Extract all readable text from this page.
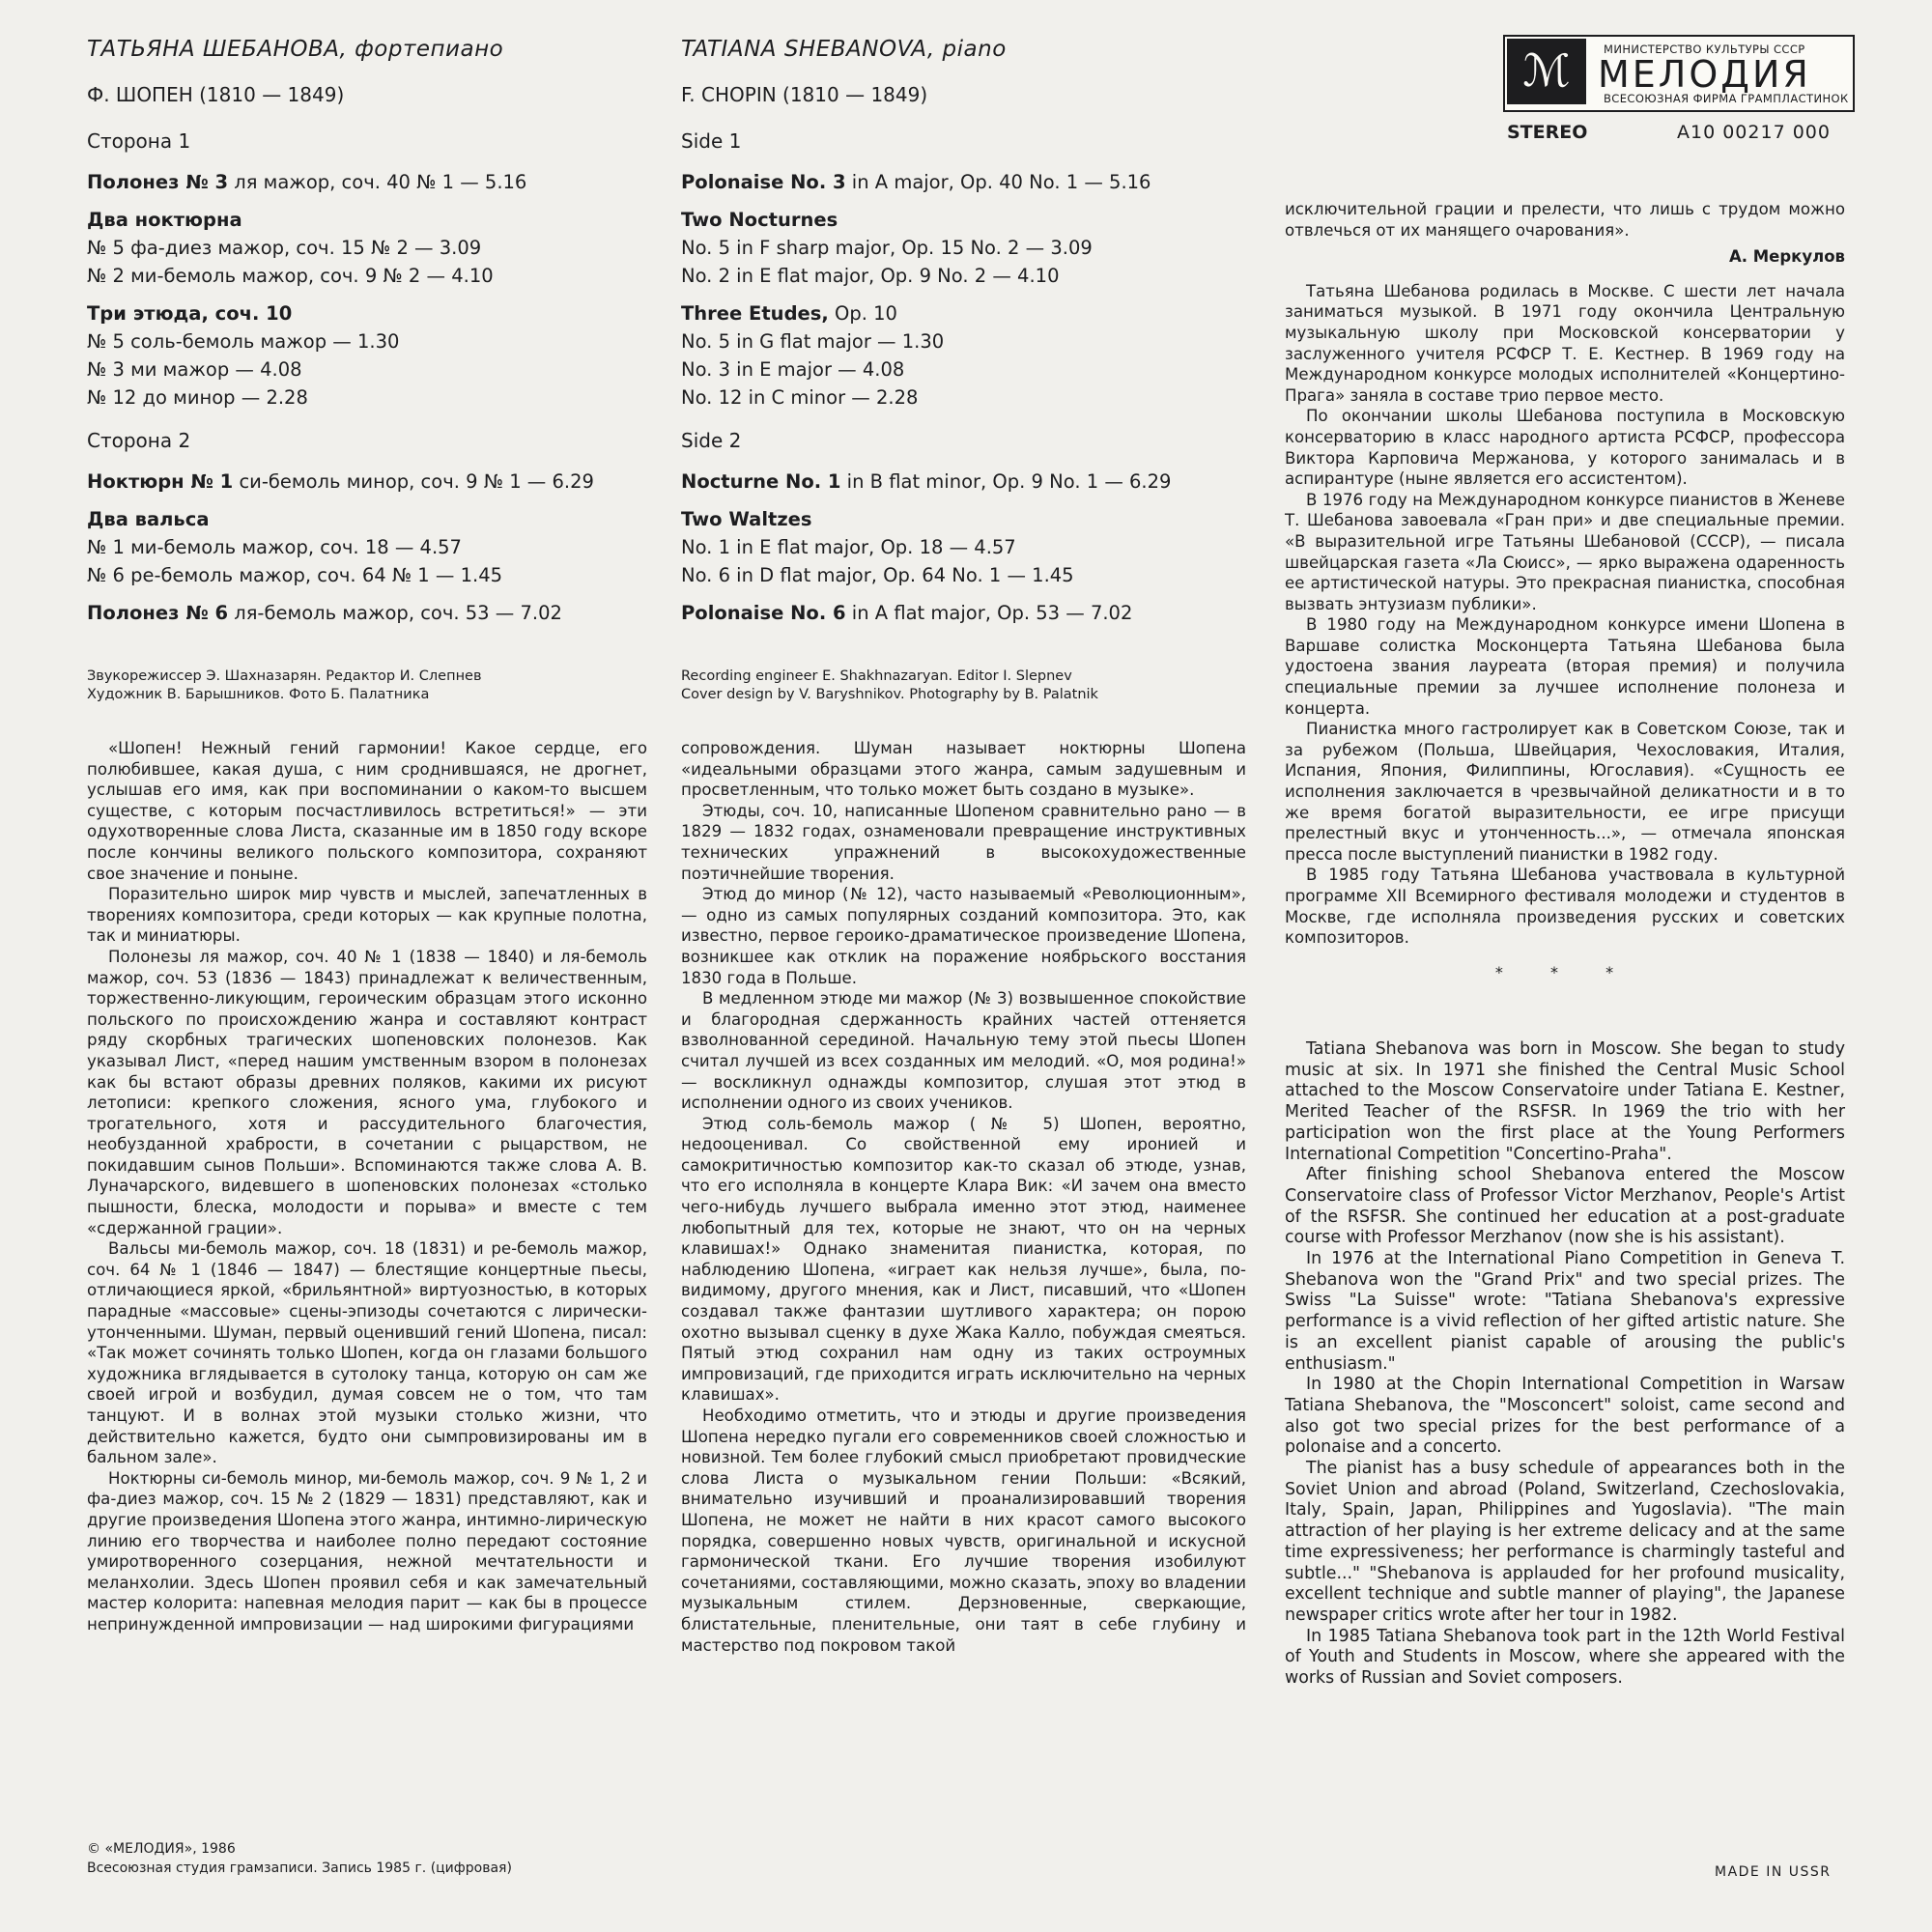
ℳ	МИНИСТЕРСТВО КУЛЬТУРЫ СССР
МЕЛОДИЯ
ВСЕСОЮЗНАЯ ФИРМА ГРАМПЛАСТИНОК
STEREO	А10 00217 000
ТАТЬЯНА ШЕБАНОВА, фортепиано
Ф. ШОПЕН (1810 — 1849)
Сторона 1
Полонез № 3 ля мажор, соч. 40 № 1 — 5.16
Два ноктюрна
№ 5 фа-диез мажор, соч. 15 № 2 — 3.09
№ 2 ми-бемоль мажор, соч. 9 № 2 — 4.10
Три этюда, соч. 10
№ 5 соль-бемоль мажор — 1.30
№ 3 ми мажор — 4.08
№ 12 до минор — 2.28
Сторона 2
Ноктюрн № 1 си-бемоль минор, соч. 9 № 1 — 6.29
Два вальса
№ 1 ми-бемоль мажор, соч. 18 — 4.57
№ 6 ре-бемоль мажор, соч. 64 № 1 — 1.45
Полонез № 6 ля-бемоль мажор, соч. 53 — 7.02
Звукорежиссер Э. Шахназарян. Редактор И. Слепнев
Художник В. Барышников. Фото Б. Палатника
TATIANA SHEBANOVA, piano
F. CHOPIN (1810 — 1849)
Side 1
Polonaise No. 3 in A major, Op. 40 No. 1 — 5.16
Two Nocturnes
No. 5 in F sharp major, Op. 15 No. 2 — 3.09
No. 2 in E flat major, Op. 9 No. 2 — 4.10
Three Etudes, Op. 10
No. 5 in G flat major — 1.30
No. 3 in E major — 4.08
No. 12 in C minor — 2.28
Side 2
Nocturne No. 1 in B flat minor, Op. 9 No. 1 — 6.29
Two Waltzes
No. 1 in E flat major, Op. 18 — 4.57
No. 6 in D flat major, Op. 64 No. 1 — 1.45
Polonaise No. 6 in A flat major, Op. 53 — 7.02
Recording engineer E. Shakhnazaryan. Editor I. Slepnev
Cover design by V. Baryshnikov. Photography by B. Palatnik

«Шопен! Нежный гений гармонии! Какое сердце, его полюбившее, какая душа, с ним сроднившаяся, не дрогнет, услышав его имя, как при воспоминании о каком-то высшем существе, с которым посчастливилось встретиться!» — эти одухотворенные слова Листа, сказанные им в 1850 году вскоре после кончины великого польского композитора, сохраняют свое значение и поныне.

Поразительно широк мир чувств и мыслей, запечатленных в творениях композитора, среди которых — как крупные полотна, так и миниатюры.

Полонезы ля мажор, соч. 40 № 1 (1838 — 1840) и ля-бемоль мажор, соч. 53 (1836 — 1843) принадлежат к величественным, торжественно-ликующим, героическим образцам этого исконно польского по происхождению жанра и составляют контраст ряду скорбных трагических шопеновских полонезов. Как указывал Лист, «перед нашим умственным взором в полонезах как бы встают образы древних поляков, какими их рисуют летописи: крепкого сложения, ясного ума, глубокого и трогательного, хотя и рассудительного благочестия, необузданной храбрости, в сочетании с рыцарством, не покидавшим сынов Польши». Вспоминаются также слова А. В. Луначарского, видевшего в шопеновских полонезах «столько пышности, блеска, молодости и порыва» и вместе с тем «сдержанной грации».

Вальсы ми-бемоль мажор, соч. 18 (1831) и ре-бемоль мажор, соч. 64 № 1 (1846 — 1847) — блестящие концертные пьесы, отличающиеся яркой, «брильянтной» виртуозностью, в которых парадные «массовые» сцены-эпизоды сочетаются с лирически-утонченными. Шуман, первый оценивший гений Шопена, писал: «Так может сочинять только Шопен, когда он глазами большого художника вглядывается в сутолоку танца, которую он сам же своей игрой и возбудил, думая совсем не о том, что там танцуют. И в волнах этой музыки столько жизни, что действительно кажется, будто они сымпровизированы им в бальном зале».

Ноктюрны си-бемоль минор, ми-бемоль мажор, соч. 9 № 1, 2 и фа-диез мажор, соч. 15 № 2 (1829 — 1831) представляют, как и другие произведения Шопена этого жанра, интимно-лирическую линию его творчества и наиболее полно передают состояние умиротворенного созерцания, нежной мечтательности и меланхолии. Здесь Шопен проявил себя и как замечательный мастер колорита: напевная мелодия парит — как бы в процессе непринужденной импровизации — над широкими фигурациями

сопровождения. Шуман называет ноктюрны Шопена «идеальными образцами этого жанра, самым задушевным и просветленным, что только может быть создано в музыке».

Этюды, соч. 10, написанные Шопеном сравнительно рано — в 1829 — 1832 годах, ознаменовали превращение инструктивных технических упражнений в высокохудожественные поэтичнейшие творения.

Этюд до минор (№ 12), часто называемый «Революционным», — одно из самых популярных созданий композитора. Это, как известно, первое героико-драматическое произведение Шопена, возникшее как отклик на поражение ноябрьского восстания 1830 года в Польше.

В медленном этюде ми мажор (№ 3) возвышенное спокойствие и благородная сдержанность крайних частей оттеняется взволнованной серединой. Начальную тему этой пьесы Шопен считал лучшей из всех созданных им мелодий. «О, моя родина!» — воскликнул однажды композитор, слушая этот этюд в исполнении одного из своих учеников.

Этюд соль-бемоль мажор (№ 5) Шопен, вероятно, недооценивал. Со свойственной ему иронией и самокритичностью композитор как-то сказал об этюде, узнав, что его исполняла в концерте Клара Вик: «И зачем она вместо чего-нибудь лучшего выбрала именно этот этюд, наименее любопытный для тех, которые не знают, что он на черных клавишах!» Однако знаменитая пианистка, которая, по наблюдению Шопена, «играет как нельзя лучше», была, по-видимому, другого мнения, как и Лист, писавший, что «Шопен создавал также фантазии шутливого характера; он порою охотно вызывал сценку в духе Жака Калло, побуждая смеяться. Пятый этюд сохранил нам одну из таких остроумных импровизаций, где приходится играть исключительно на черных клавишах».

Необходимо отметить, что и этюды и другие произведения Шопена нередко пугали его современников своей сложностью и новизной. Тем более глубокий смысл приобретают провидческие слова Листа о музыкальном гении Польши: «Всякий, внимательно изучивший и проанализировавший творения Шопена, не может не найти в них красот самого высокого порядка, совершенно новых чувств, оригинальной и искусной гармонической ткани. Его лучшие творения изобилуют сочетаниями, составляющими, можно сказать, эпоху во владении музыкальным стилем. Дерзновенные, сверкающие, блистательные, пленительные, они таят в себе глубину и мастерство под покровом такой

исключительной грации и прелести, что лишь с трудом можно отвлечься от их манящего очарования».

А. Меркулов

Татьяна Шебанова родилась в Москве. С шести лет начала заниматься музыкой. В 1971 году окончила Центральную музыкальную школу при Московской консерватории у заслуженного учителя РСФСР Т. Е. Кестнер. В 1969 году на Международном конкурсе молодых исполнителей «Концертино-Прага» заняла в составе трио первое место.

По окончании школы Шебанова поступила в Московскую консерваторию в класс народного артиста РСФСР, профессора Виктора Карповича Мержанова, у которого занималась и в аспирантуре (ныне является его ассистентом).

В 1976 году на Международном конкурсе пианистов в Женеве Т. Шебанова завоевала «Гран при» и две специальные премии. «В выразительной игре Татьяны Шебановой (СССР), — писала швейцарская газета «Ла Сюисс», — ярко выражена одаренность ее артистической натуры. Это прекрасная пианистка, способная вызвать энтузиазм публики».

В 1980 году на Международном конкурсе имени Шопена в Варшаве солистка Москонцерта Татьяна Шебанова была удостоена звания лауреата (вторая премия) и получила специальные премии за лучшее исполнение полонеза и концерта.

Пианистка много гастролирует как в Советском Союзе, так и за рубежом (Польша, Швейцария, Чехословакия, Италия, Испания, Япония, Филиппины, Югославия). «Сущность ее исполнения заключается в чрезвычайной деликатности и в то же время богатой выразительности, ее игре присущи прелестный вкус и утонченность...», — отмечала японская пресса после выступлений пианистки в 1982 году.

В 1985 году Татьяна Шебанова участвовала в культурной программе XII Всемирного фестиваля молодежи и студентов в Москве, где исполняла произведения русских и советских композиторов.

* * *

Tatiana Shebanova was born in Moscow. She began to study music at six. In 1971 she finished the Central Music School attached to the Moscow Conservatoire under Tatiana E. Kestner, Merited Teacher of the RSFSR. In 1969 the trio with her participation won the first place at the Young Performers International Competition "Concertino-Praha".

After finishing school Shebanova entered the Moscow Conservatoire class of Professor Victor Merzhanov, People's Artist of the RSFSR. She continued her education at a post-graduate course with Professor Merzhanov (now she is his assistant).

In 1976 at the International Piano Competition in Geneva T. Shebanova won the "Grand Prix" and two special prizes. The Swiss "La Suisse" wrote: "Tatiana Shebanova's expressive performance is a vivid reflection of her gifted artistic nature. She is an excellent pianist capable of arousing the public's enthusiasm."

In 1980 at the Chopin International Competition in Warsaw Tatiana Shebanova, the "Mosconcert" soloist, came second and also got two special prizes for the best performance of a polonaise and a concerto.

The pianist has a busy schedule of appearances both in the Soviet Union and abroad (Poland, Switzerland, Czechoslovakia, Italy, Spain, Japan, Philippines and Yugoslavia). "The main attraction of her playing is her extreme delicacy and at the same time expressiveness; her performance is charmingly tasteful and subtle..." "Shebanova is applauded for her profound musicality, excellent technique and subtle manner of playing", the Japanese newspaper critics wrote after her tour in 1982.

In 1985 Tatiana Shebanova took part in the 12th World Festival of Youth and Students in Moscow, where she appeared with the works of Russian and Soviet composers.

© «МЕЛОДИЯ», 1986
Всесоюзная студия грамзаписи. Запись 1985 г. (цифровая)	MADE IN USSR
